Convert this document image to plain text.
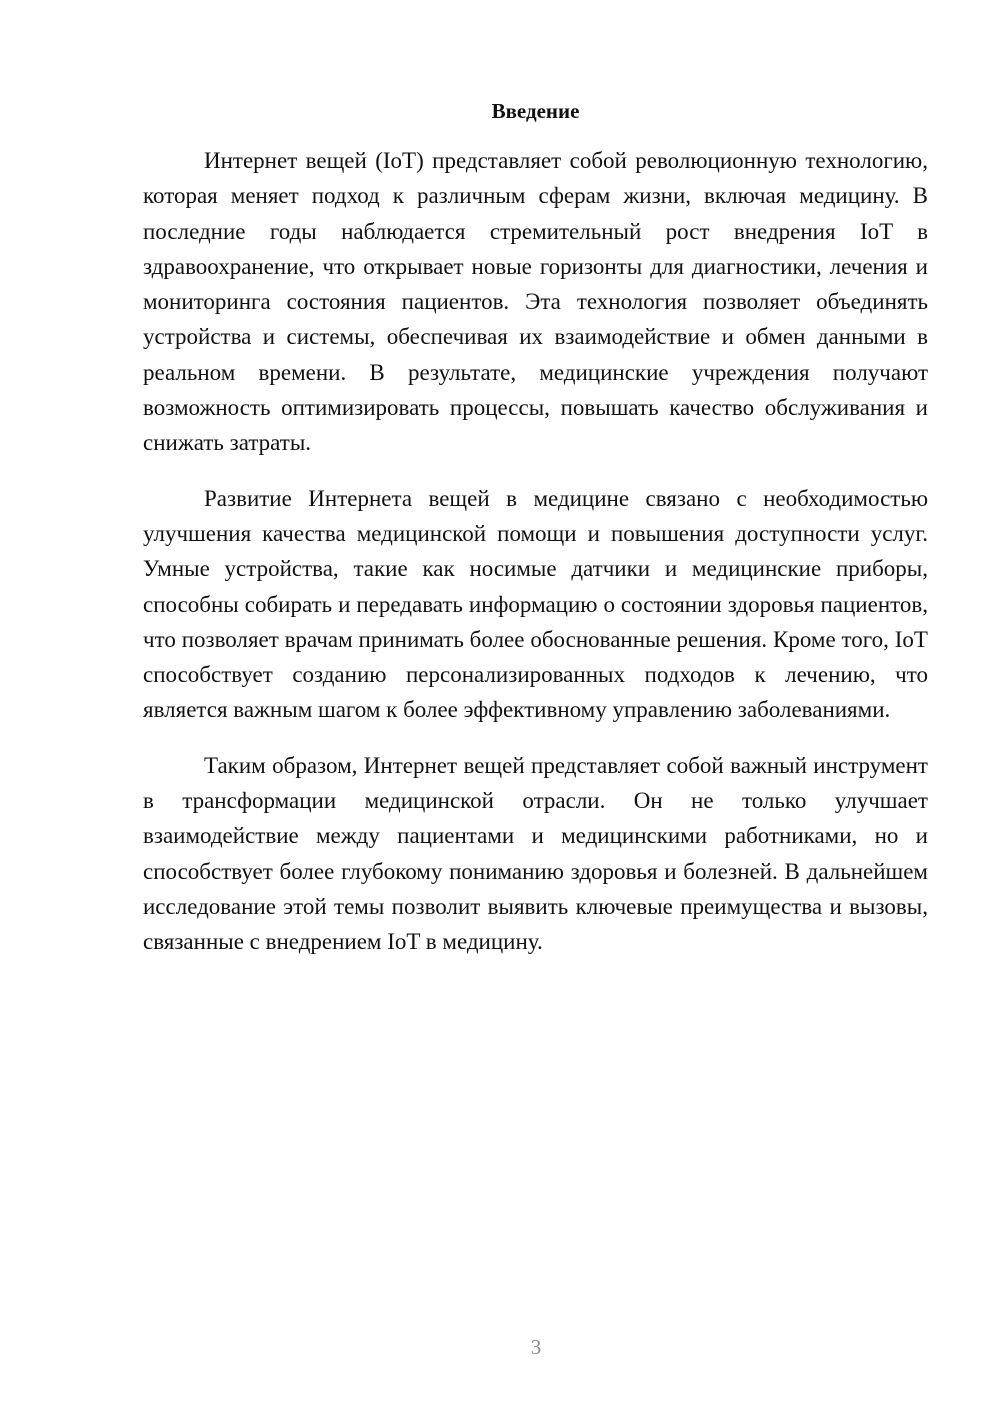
Введение

Интернет вещей (IoT) представляет собой революционную технологию, которая меняет подход к различным сферам жизни, включая медицину. В последние годы наблюдается стремительный рост внедрения IoT в здравоохранение, что открывает новые горизонты для диагностики, лечения и мониторинга состояния пациентов. Эта технология позволяет объединять устройства и системы, обеспечивая их взаимодействие и обмен данными в реальном времени. В результате, медицинские учреждения получают возможность оптимизировать процессы, повышать качество обслуживания и снижать затраты.

Развитие Интернета вещей в медицине связано с необходимостью улучшения качества медицинской помощи и повышения доступности услуг. Умные устройства, такие как носимые датчики и медицинские приборы, способны собирать и передавать информацию о состоянии здоровья пациентов, что позволяет врачам принимать более обоснованные решения. Кроме того, IoT способствует созданию персонализированных подходов к лечению, что является важным шагом к более эффективному управлению заболеваниями.

Таким образом, Интернет вещей представляет собой важный инструмент в трансформации медицинской отрасли. Он не только улучшает взаимодействие между пациентами и медицинскими работниками, но и способствует более глубокому пониманию здоровья и болезней. В дальнейшем исследование этой темы позволит выявить ключевые преимущества и вызовы, связанные с внедрением IoT в медицину.

3
